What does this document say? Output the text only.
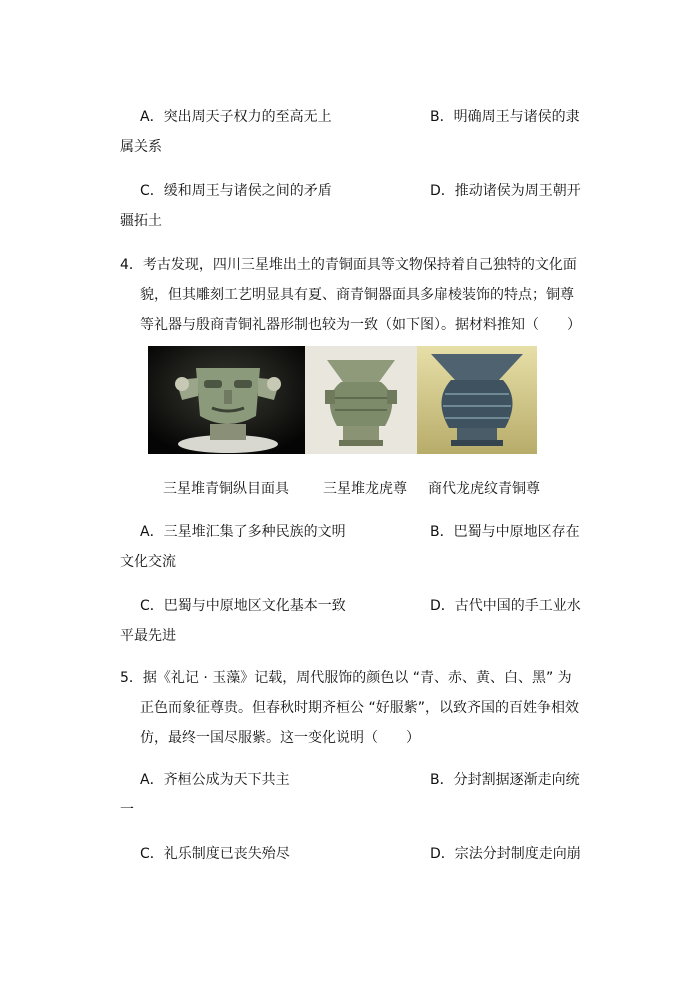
A．突出周天子权力的至高无上	B．明确周王与诸侯的隶
属关系
C．缓和周王与诸侯之间的矛盾	D．推动诸侯为周王朝开
疆拓土
4．考古发现，四川三星堆出土的青铜面具等文物保持着自己独特的文化面
貌，但其雕刻工艺明显具有夏、商青铜器面具多扉棱装饰的特点；铜尊
等礼器与殷商青铜礼器形制也较为一致（如下图）。据材料推知（　　）
三星堆青铜纵目面具 三星堆龙虎尊 商代龙虎纹青铜尊
A．三星堆汇集了多种民族的文明	B．巴蜀与中原地区存在
文化交流
C．巴蜀与中原地区文化基本一致	D．古代中国的手工业水
平最先进
5．据《礼记 · 玉藻》记载，周代服饰的颜色以 “青、赤、黄、白、黑” 为
正色而象征尊贵。但春秋时期齐桓公 “好服紫”，以致齐国的百姓争相效
仿，最终一国尽服紫。这一变化说明（　　）
A．齐桓公成为天下共主	B．分封割据逐渐走向统
一
C．礼乐制度已丧失殆尽	D．宗法分封制度走向崩
